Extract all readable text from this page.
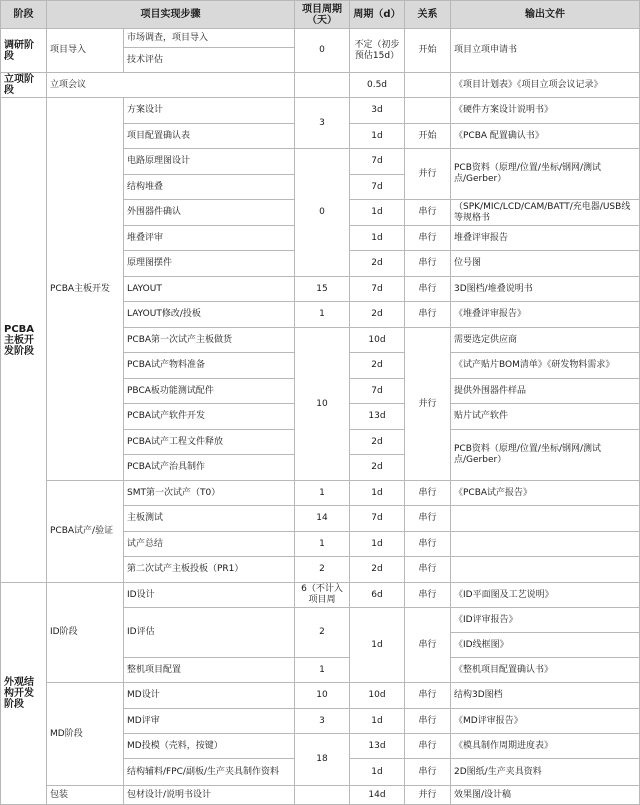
阶段	项目实现步骤		项目周期（天）	周期（d）	关系	输出文件
调研阶段	项目导入	市场调查，项目导入	0	不定（初步预估15d）	开始	项目立项申请书
		技术评估				
立项阶段	立项会议			0.5d		《项目计划表》《项目立项会议记录》
PCBA主板开发阶段	PCBA主板开发	方案设计	3	3d		《硬件方案设计说明书》
		项目配置确认表		1d	开始	《PCBA 配置确认书》
		电路原理图设计	0	7d	并行	PCB资料（原理/位置/坐标/钢网/测试点/Gerber）
		结构堆叠		7d		
		外围器件确认		1d	串行	（SPK/MIC/LCD/CAM/BATT/充电器/USB线等规格书
		堆叠评审		1d	串行	堆叠评审报告
		原理图摆件		2d	串行	位号图
		LAYOUT	15	7d	串行	3D图档/堆叠说明书
		LAYOUT修改/投板	1	2d	串行	《堆叠评审报告》
		PCBA第一次试产主板做货	10	10d	并行	需要选定供应商
		PCBA试产物料准备		2d		《试产贴片BOM清单》《研发物料需求》
		PBCA板功能测试配件		7d		提供外围器件样品
		PCBA试产软件开发		13d		贴片试产软件
		PCBA试产工程文件释放		2d		PCB资料（原理/位置/坐标/钢网/测试点/Gerber）
		PCBA试产治具制作		2d		
	PCBA试产/验证	SMT第一次试产（T0）	1	1d	串行	《PCBA试产报告》
		主板测试	14	7d	串行	
		试产总结	1	1d	串行	
		第二次试产主板投板（PR1）	2	2d	串行	
外观结构开发阶段	ID阶段	ID设计	6（不计入项目周	6d	串行	《ID平面图及工艺说明》
		ID评估	2	1d	串行	《ID评审报告》
						《ID线框图》
		整机项目配置	1			《整机项目配置确认书》
	MD阶段	MD设计	10	10d	串行	结构3D图档
		MD评审	3	1d	串行	《MD评审报告》
		MD投模（壳料，按键）	18	13d	串行	《模具制作周期进度表》
		结构辅料/FPC/副板/生产夹具制作资料		1d	串行	2D图纸/生产夹具资料
	包装	包材设计/说明书设计		14d	并行	效果图/设计稿
